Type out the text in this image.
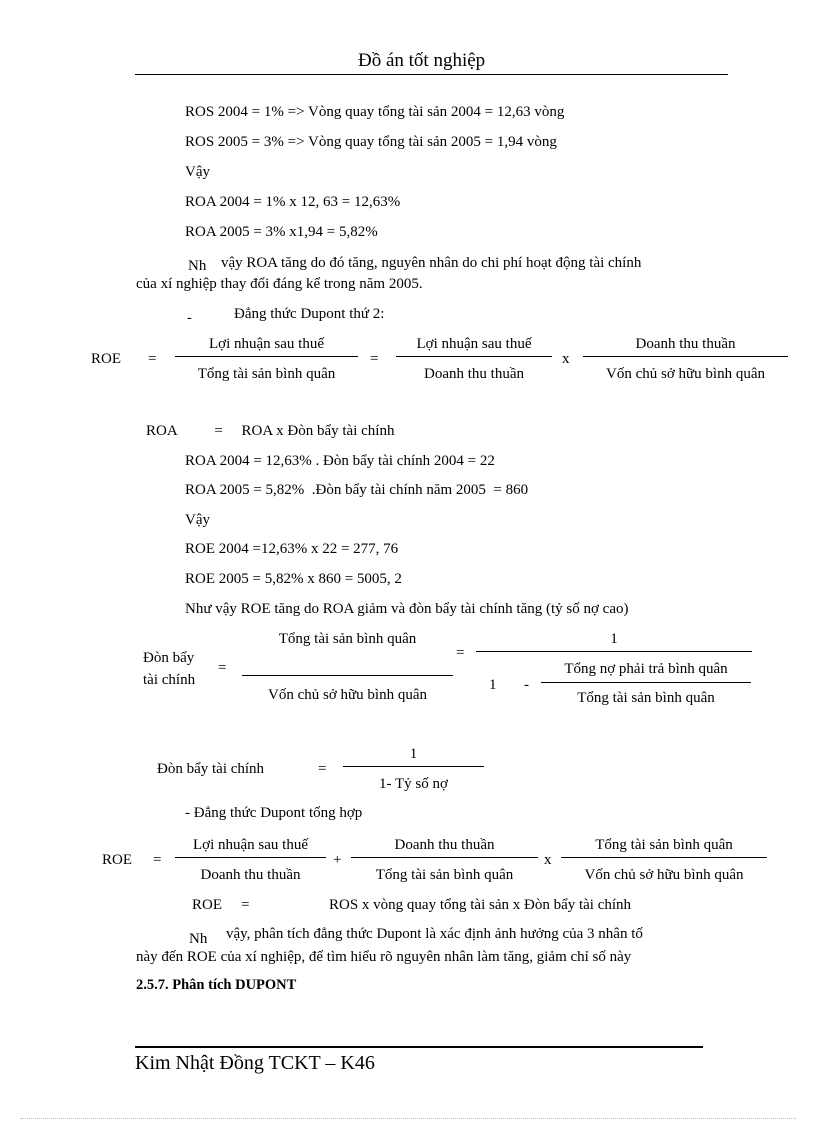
Đồ án tốt nghiệp
ROS 2004 = 1% => Vòng quay tổng tài sản 2004 = 12,63 vòng
ROS 2005 = 3% => Vòng quay tổng tài sản 2005 = 1,94 vòng
Vậy
ROA 2004 = 1% x 12, 63 = 12,63%
ROA 2005 = 3% x1,94 = 5,82%
Nh vậy ROA tăng do đó tăng, nguyên nhân do chi phí hoạt động tài chính
của xí nghiệp thay đổi đáng kể trong năm 2005.
-	Đẳng thức Dupont thứ 2:
ROE =
Lợi nhuận sau thuế
Tổng tài sản bình quân
=
Lợi nhuận sau thuế
Doanh thu thuần
x
Doanh thu thuần
Vốn chủ sở hữu bình quân
ROA          =     ROA x Đòn bẩy tài chính
ROA 2004 = 12,63% . Đòn bẩy tài chính 2004 = 22
ROA 2005 = 5,82%  .Đòn bẩy tài chính năm 2005  = 860
Vậy
ROE 2004 =12,63% x 22 = 277, 76
ROE 2005 = 5,82% x 860 = 5005, 2
Như vậy ROE tăng do ROA giảm và đòn bẩy tài chính tăng (tỷ số nợ cao)
Đòn bẩy
tài chính
=
Tổng tài sản bình quân
Vốn chủ sở hữu bình quân
=
1
1 -
Tổng nợ phải trả bình quân
Tổng tài sản bình quân
Đòn bẩy tài chính	=
1
1- Tỷ số nợ
- Đẳng thức Dupont tổng hợp
ROE =
Lợi nhuận sau thuế
Doanh thu thuần
+
Doanh thu thuần
Tổng tài sản bình quân
x
Tổng tài sản bình quân
Vốn chủ sở hữu bình quân
ROE =	ROS x vòng quay tổng tài sản x Đòn bẩy tài chính
Nh vậy, phân tích đẳng thức Dupont là xác định ảnh hưởng của 3 nhân tố
này đến ROE của xí nghiệp, để tìm hiểu rõ nguyên nhân làm tăng, giảm chỉ số này
2.5.7. Phân tích DUPONT
Kim Nhật Đồng TCKT – K46
